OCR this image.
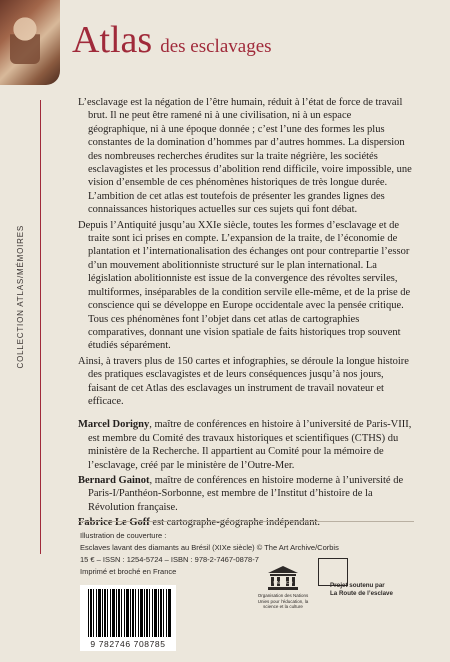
Atlas des esclavages
COLLECTION ATLAS/MÉMOIRES

L’esclavage est la négation de l’être humain, réduit à l’état de force de travail brut. Il ne peut être ramené ni à une civilisation, ni à un espace géographique, ni à une époque donnée ; c’est l’une des formes les plus constantes de la domination d’hommes par d’autres hommes. La dispersion des nombreuses recherches érudites sur la traite négrière, les sociétés esclavagistes et les processus d’abolition rend difficile, voire impossible, une vision d’ensemble de ces phénomènes historiques de très longue durée. L’ambition de cet atlas est toutefois de présenter les grandes lignes des connaissances historiques actuelles sur ces sujets qui font débat.

Depuis l’Antiquité jusqu’au XXIe siècle, toutes les formes d’esclavage et de traite sont ici prises en compte. L’expansion de la traite, de l’économie de plantation et l’internationalisation des échanges ont pour contrepartie l’essor d’un mouvement abolitionniste structuré sur le plan international. La législation abolitionniste est issue de la convergence des révoltes serviles, multiformes, inséparables de la condition servile elle-même, et de la prise de conscience qui se développe en Europe occidentale avec la pensée critique. Tous ces phénomènes font l’objet dans cet atlas de cartographies comparatives, donnant une vision spatiale de faits historiques trop souvent étudiés séparément.

Ainsi, à travers plus de 150 cartes et infographies, se déroule la longue histoire des pratiques esclavagistes et de leurs conséquences jusqu’à nos jours, faisant de cet Atlas des esclavages un instrument de travail novateur et efficace.

Marcel Dorigny, maître de conférences en histoire à l’université de Paris-VIII, est membre du Comité des travaux historiques et scientifiques (CTHS) du ministère de la Recherche. Il appartient au Comité pour la mémoire de l’esclavage, créé par le ministère de l’Outre-Mer.

Bernard Gainot, maître de conférences en histoire moderne à l’université de Paris-I/Panthéon-Sorbonne, est membre de l’Institut d’histoire de la Révolution française.

Fabrice Le Goff est cartographe-géographe indépendant.

Illustration de couverture :
Esclaves lavant des diamants au Brésil (XIXe siècle) © The Art Archive/Corbis
15 € – ISSN : 1254-5724 – ISBN : 978-2-7467-0878-7
Imprimé et broché en France
9 782746 708785
UNESCO
Organisation des Nations Unies pour l’éducation, la science et la culture
Projet soutenu par
La Route de l’esclave
